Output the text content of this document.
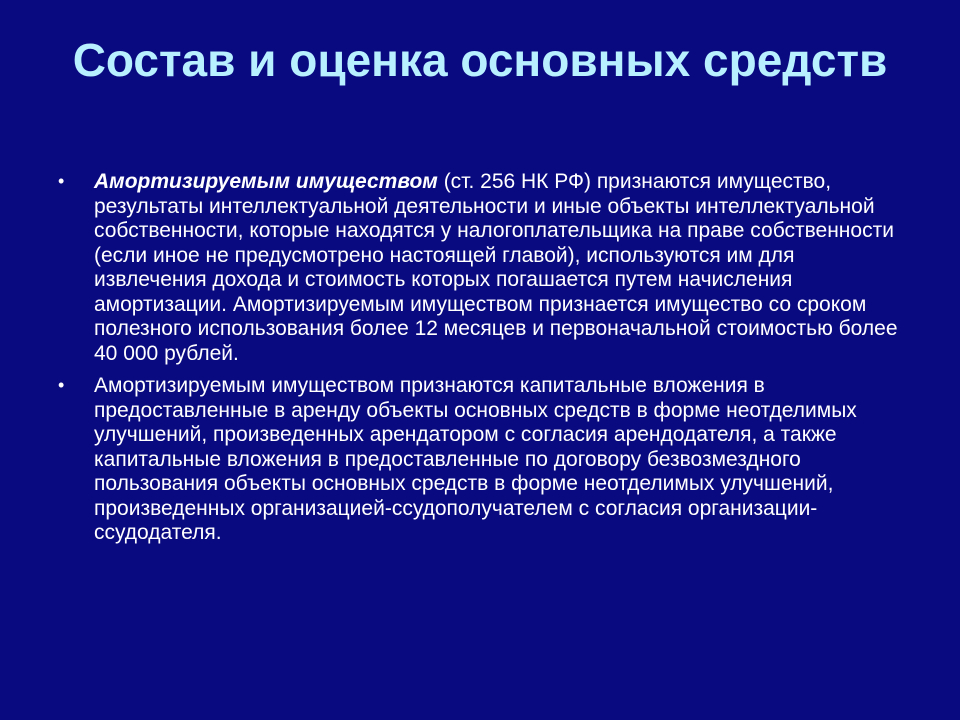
Состав и оценка основных средств
• Амортизируемым имуществом (ст. 256 НК РФ) признаются имущество, результаты интеллектуальной деятельности и иные объекты интеллектуальной собственности, которые находятся у налогоплательщика на праве собственности (если иное не предусмотрено настоящей главой), используются им для извлечения дохода и стоимость которых погашается путем начисления амортизации. Амортизируемым имуществом признается имущество со сроком полезного использования более 12 месяцев и первоначальной стоимостью более 40 000 рублей.
• Амортизируемым имуществом признаются капитальные вложения в предоставленные в аренду объекты основных средств в форме неотделимых улучшений, произведенных арендатором с согласия арендодателя, а также капитальные вложения в предоставленные по договору безвозмездного пользования объекты основных средств в форме неотделимых улучшений, произведенных организацией-ссудополучателем с согласия организации-ссудодателя.
